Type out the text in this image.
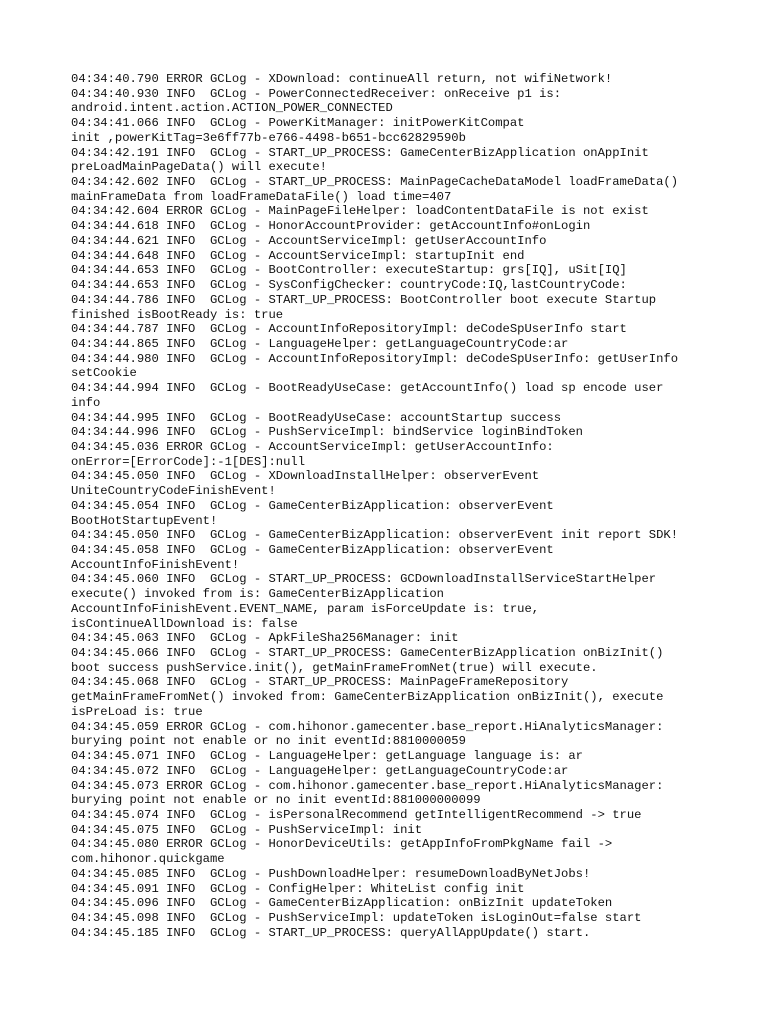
04:34:40.790 ERROR GCLog - XDownload: continueAll return, not wifiNetwork!
04:34:40.930 INFO  GCLog - PowerConnectedReceiver: onReceive p1 is:
android.intent.action.ACTION_POWER_CONNECTED
04:34:41.066 INFO  GCLog - PowerKitManager: initPowerKitCompat
init ,powerKitTag=3e6ff77b-e766-4498-b651-bcc62829590b
04:34:42.191 INFO  GCLog - START_UP_PROCESS: GameCenterBizApplication onAppInit
preLoadMainPageData() will execute!
04:34:42.602 INFO  GCLog - START_UP_PROCESS: MainPageCacheDataModel loadFrameData()
mainFrameData from loadFrameDataFile() load time=407
04:34:42.604 ERROR GCLog - MainPageFileHelper: loadContentDataFile is not exist
04:34:44.618 INFO  GCLog - HonorAccountProvider: getAccountInfo#onLogin
04:34:44.621 INFO  GCLog - AccountServiceImpl: getUserAccountInfo
04:34:44.648 INFO  GCLog - AccountServiceImpl: startupInit end
04:34:44.653 INFO  GCLog - BootController: executeStartup: grs[IQ], uSit[IQ]
04:34:44.653 INFO  GCLog - SysConfigChecker: countryCode:IQ,lastCountryCode:
04:34:44.786 INFO  GCLog - START_UP_PROCESS: BootController boot execute Startup
finished isBootReady is: true
04:34:44.787 INFO  GCLog - AccountInfoRepositoryImpl: deCodeSpUserInfo start
04:34:44.865 INFO  GCLog - LanguageHelper: getLanguageCountryCode:ar
04:34:44.980 INFO  GCLog - AccountInfoRepositoryImpl: deCodeSpUserInfo: getUserInfo
setCookie
04:34:44.994 INFO  GCLog - BootReadyUseCase: getAccountInfo() load sp encode user
info
04:34:44.995 INFO  GCLog - BootReadyUseCase: accountStartup success
04:34:44.996 INFO  GCLog - PushServiceImpl: bindService loginBindToken
04:34:45.036 ERROR GCLog - AccountServiceImpl: getUserAccountInfo:
onError=[ErrorCode]:-1[DES]:null
04:34:45.050 INFO  GCLog - XDownloadInstallHelper: observerEvent
UniteCountryCodeFinishEvent!
04:34:45.054 INFO  GCLog - GameCenterBizApplication: observerEvent
BootHotStartupEvent!
04:34:45.050 INFO  GCLog - GameCenterBizApplication: observerEvent init report SDK!
04:34:45.058 INFO  GCLog - GameCenterBizApplication: observerEvent
AccountInfoFinishEvent!
04:34:45.060 INFO  GCLog - START_UP_PROCESS: GCDownloadInstallServiceStartHelper
execute() invoked from is: GameCenterBizApplication
AccountInfoFinishEvent.EVENT_NAME, param isForceUpdate is: true,
isContinueAllDownload is: false
04:34:45.063 INFO  GCLog - ApkFileSha256Manager: init
04:34:45.066 INFO  GCLog - START_UP_PROCESS: GameCenterBizApplication onBizInit()
boot success pushService.init(), getMainFrameFromNet(true) will execute.
04:34:45.068 INFO  GCLog - START_UP_PROCESS: MainPageFrameRepository
getMainFrameFromNet() invoked from: GameCenterBizApplication onBizInit(), execute
isPreLoad is: true
04:34:45.059 ERROR GCLog - com.hihonor.gamecenter.base_report.HiAnalyticsManager:
burying point not enable or no init eventId:8810000059
04:34:45.071 INFO  GCLog - LanguageHelper: getLanguage language is: ar
04:34:45.072 INFO  GCLog - LanguageHelper: getLanguageCountryCode:ar
04:34:45.073 ERROR GCLog - com.hihonor.gamecenter.base_report.HiAnalyticsManager:
burying point not enable or no init eventId:881000000099
04:34:45.074 INFO  GCLog - isPersonalRecommend getIntelligentRecommend -> true
04:34:45.075 INFO  GCLog - PushServiceImpl: init
04:34:45.080 ERROR GCLog - HonorDeviceUtils: getAppInfoFromPkgName fail ->
com.hihonor.quickgame
04:34:45.085 INFO  GCLog - PushDownloadHelper: resumeDownloadByNetJobs!
04:34:45.091 INFO  GCLog - ConfigHelper: WhiteList config init
04:34:45.096 INFO  GCLog - GameCenterBizApplication: onBizInit updateToken
04:34:45.098 INFO  GCLog - PushServiceImpl: updateToken isLoginOut=false start
04:34:45.185 INFO  GCLog - START_UP_PROCESS: queryAllAppUpdate() start.
